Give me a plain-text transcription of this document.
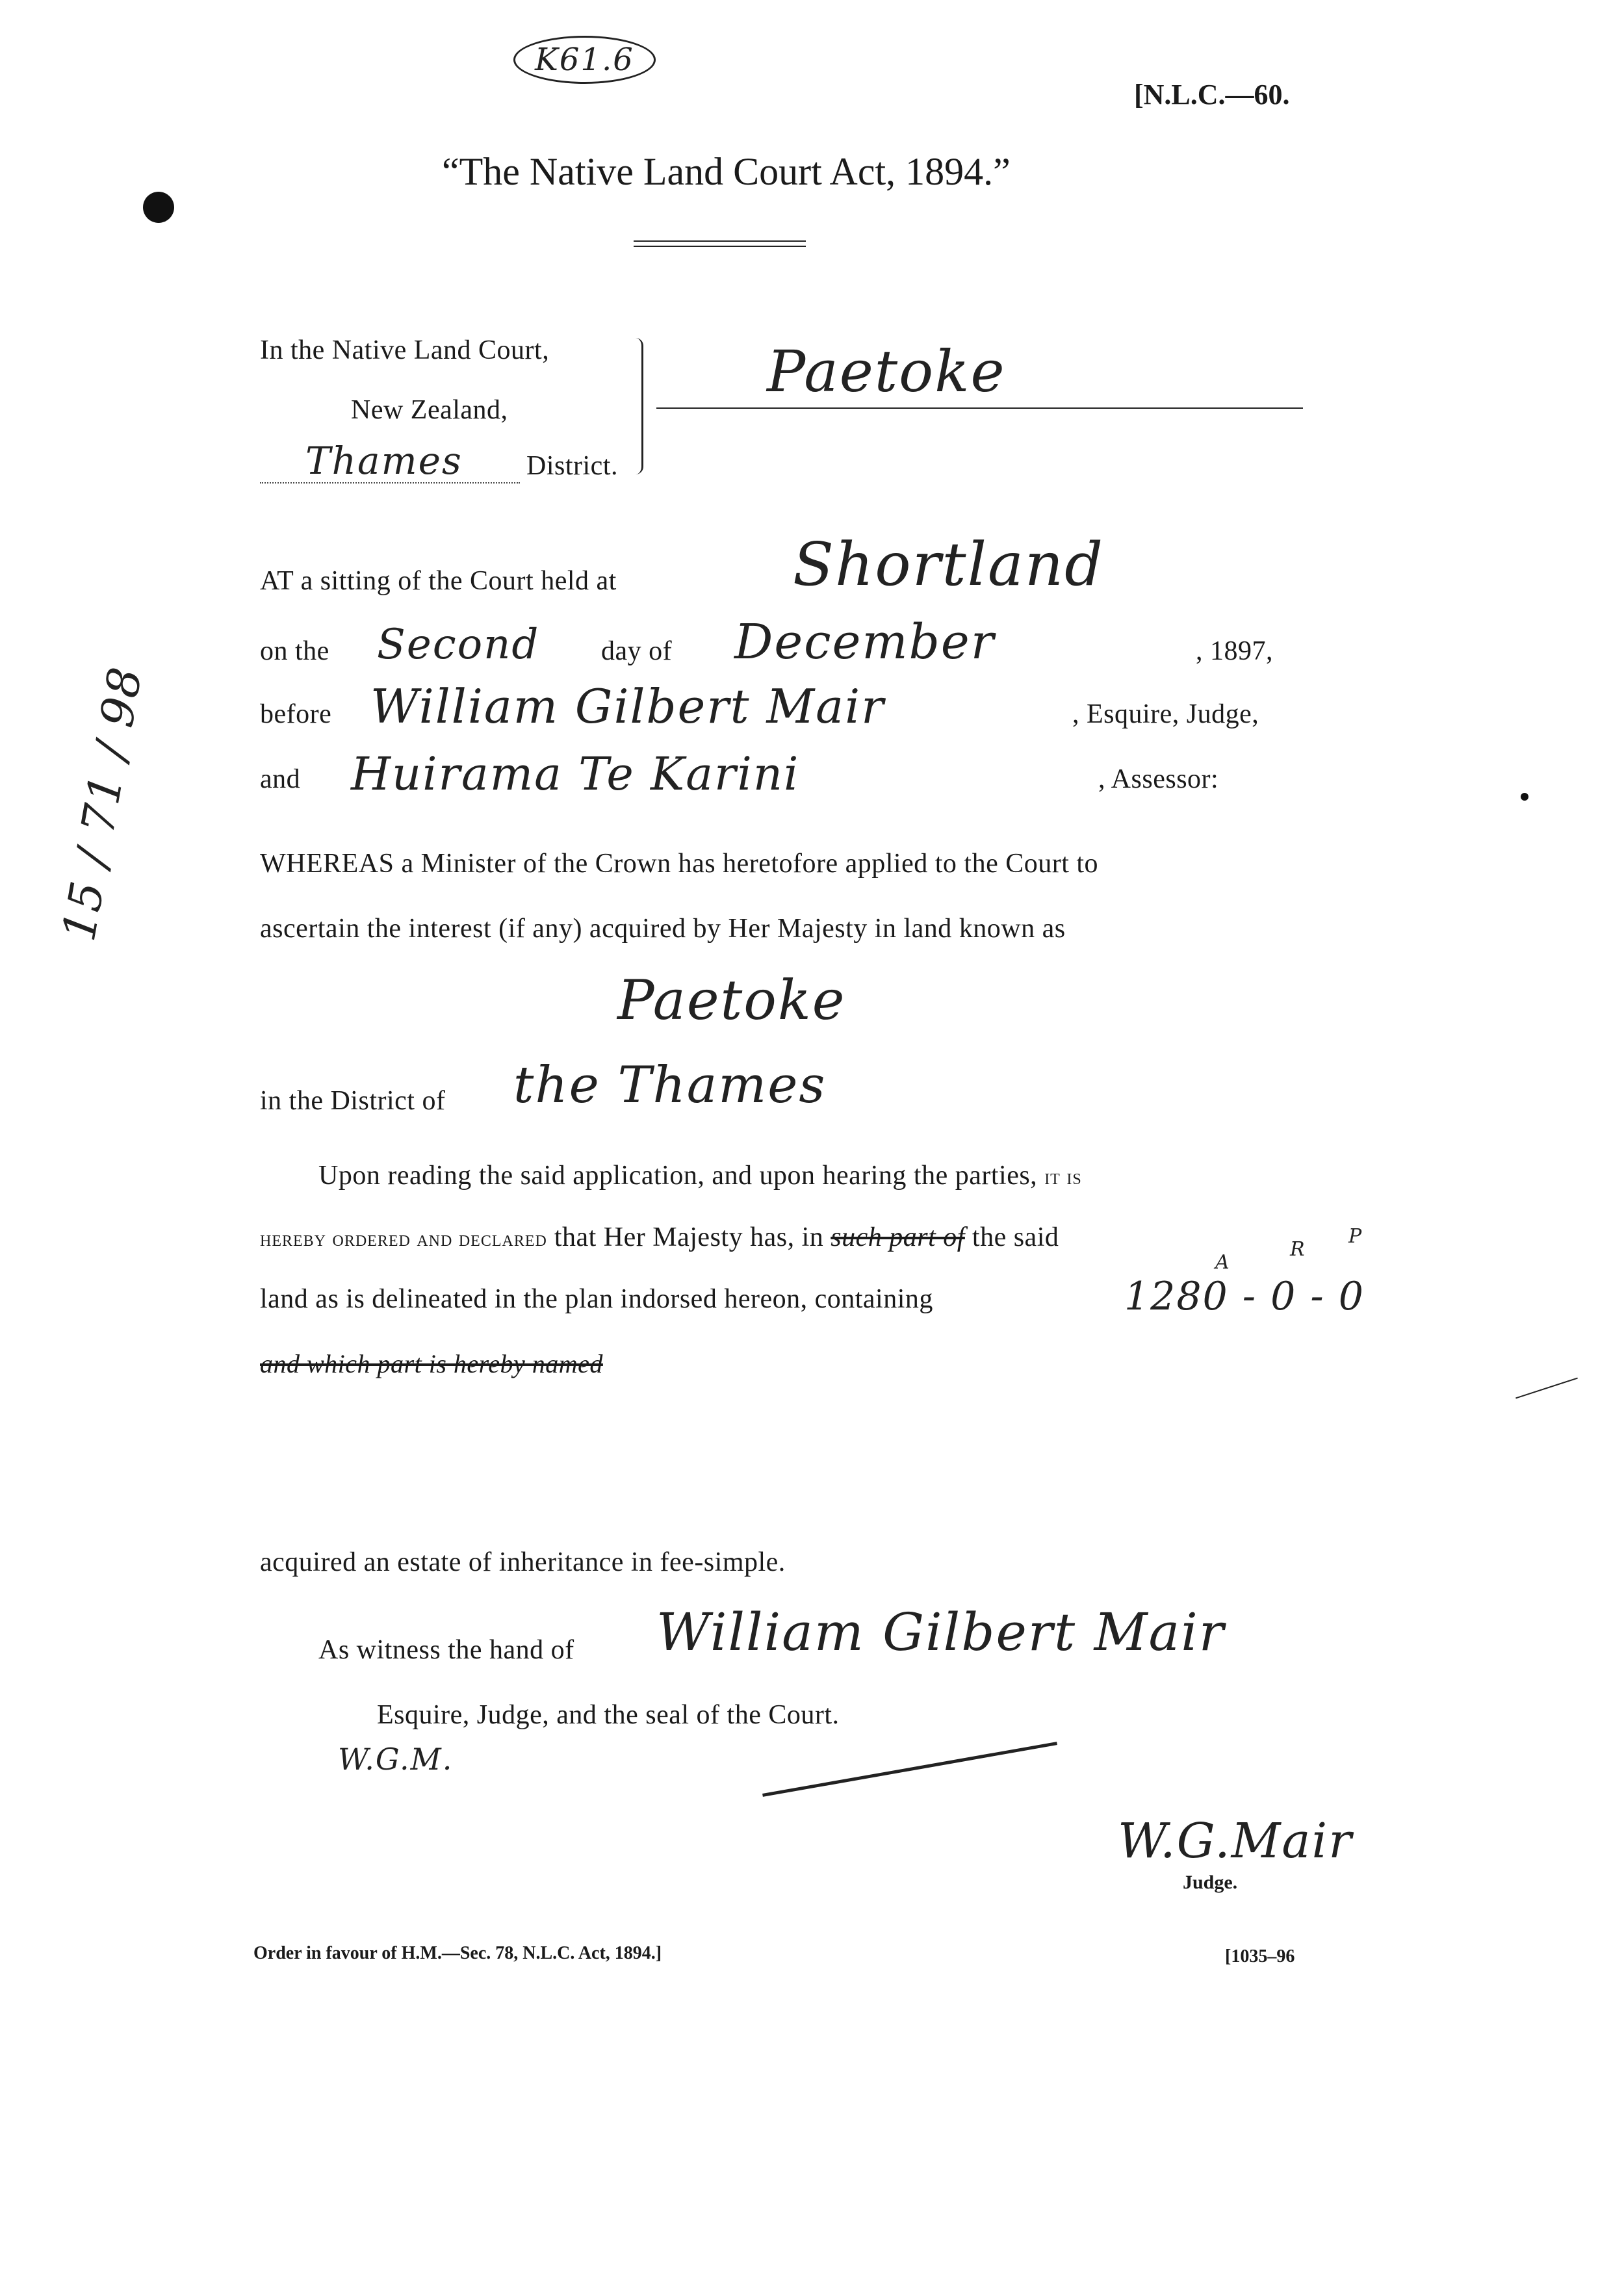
K61.6
[N.L.C.—60.
“The Native Land Court Act, 1894.”
In the Native Land Court,
New Zealand,
Thames District.
Paetoke
AT a sitting of the Court held at	Shortland
on the Second day of December	, 1897,
before William Gilbert Mair	, Esquire, Judge,
and Huirama Te Karini	, Assessor:
WHEREAS a Minister of the Crown has heretofore applied to the Court to
ascertain the interest (if any) acquired by Her Majesty in land known as
Paetoke
in the District of the Thames
15 / 71 / 98
Upon reading the said application, and upon hearing the parties, it is
hereby ordered and declared that Her Majesty has, in such part of the said
land as is delineated in the plan indorsed hereon, containing	1280 - 0 - 0
A
R
P
and which part is hereby named
acquired an estate of inheritance in fee-simple.
As witness the hand of William Gilbert Mair
Esquire, Judge, and the seal of the Court.
W.G.M.
W.G.Mair
Judge.
Order in favour of H.M.—Sec. 78, N.L.C. Act, 1894.]	[1035–96
